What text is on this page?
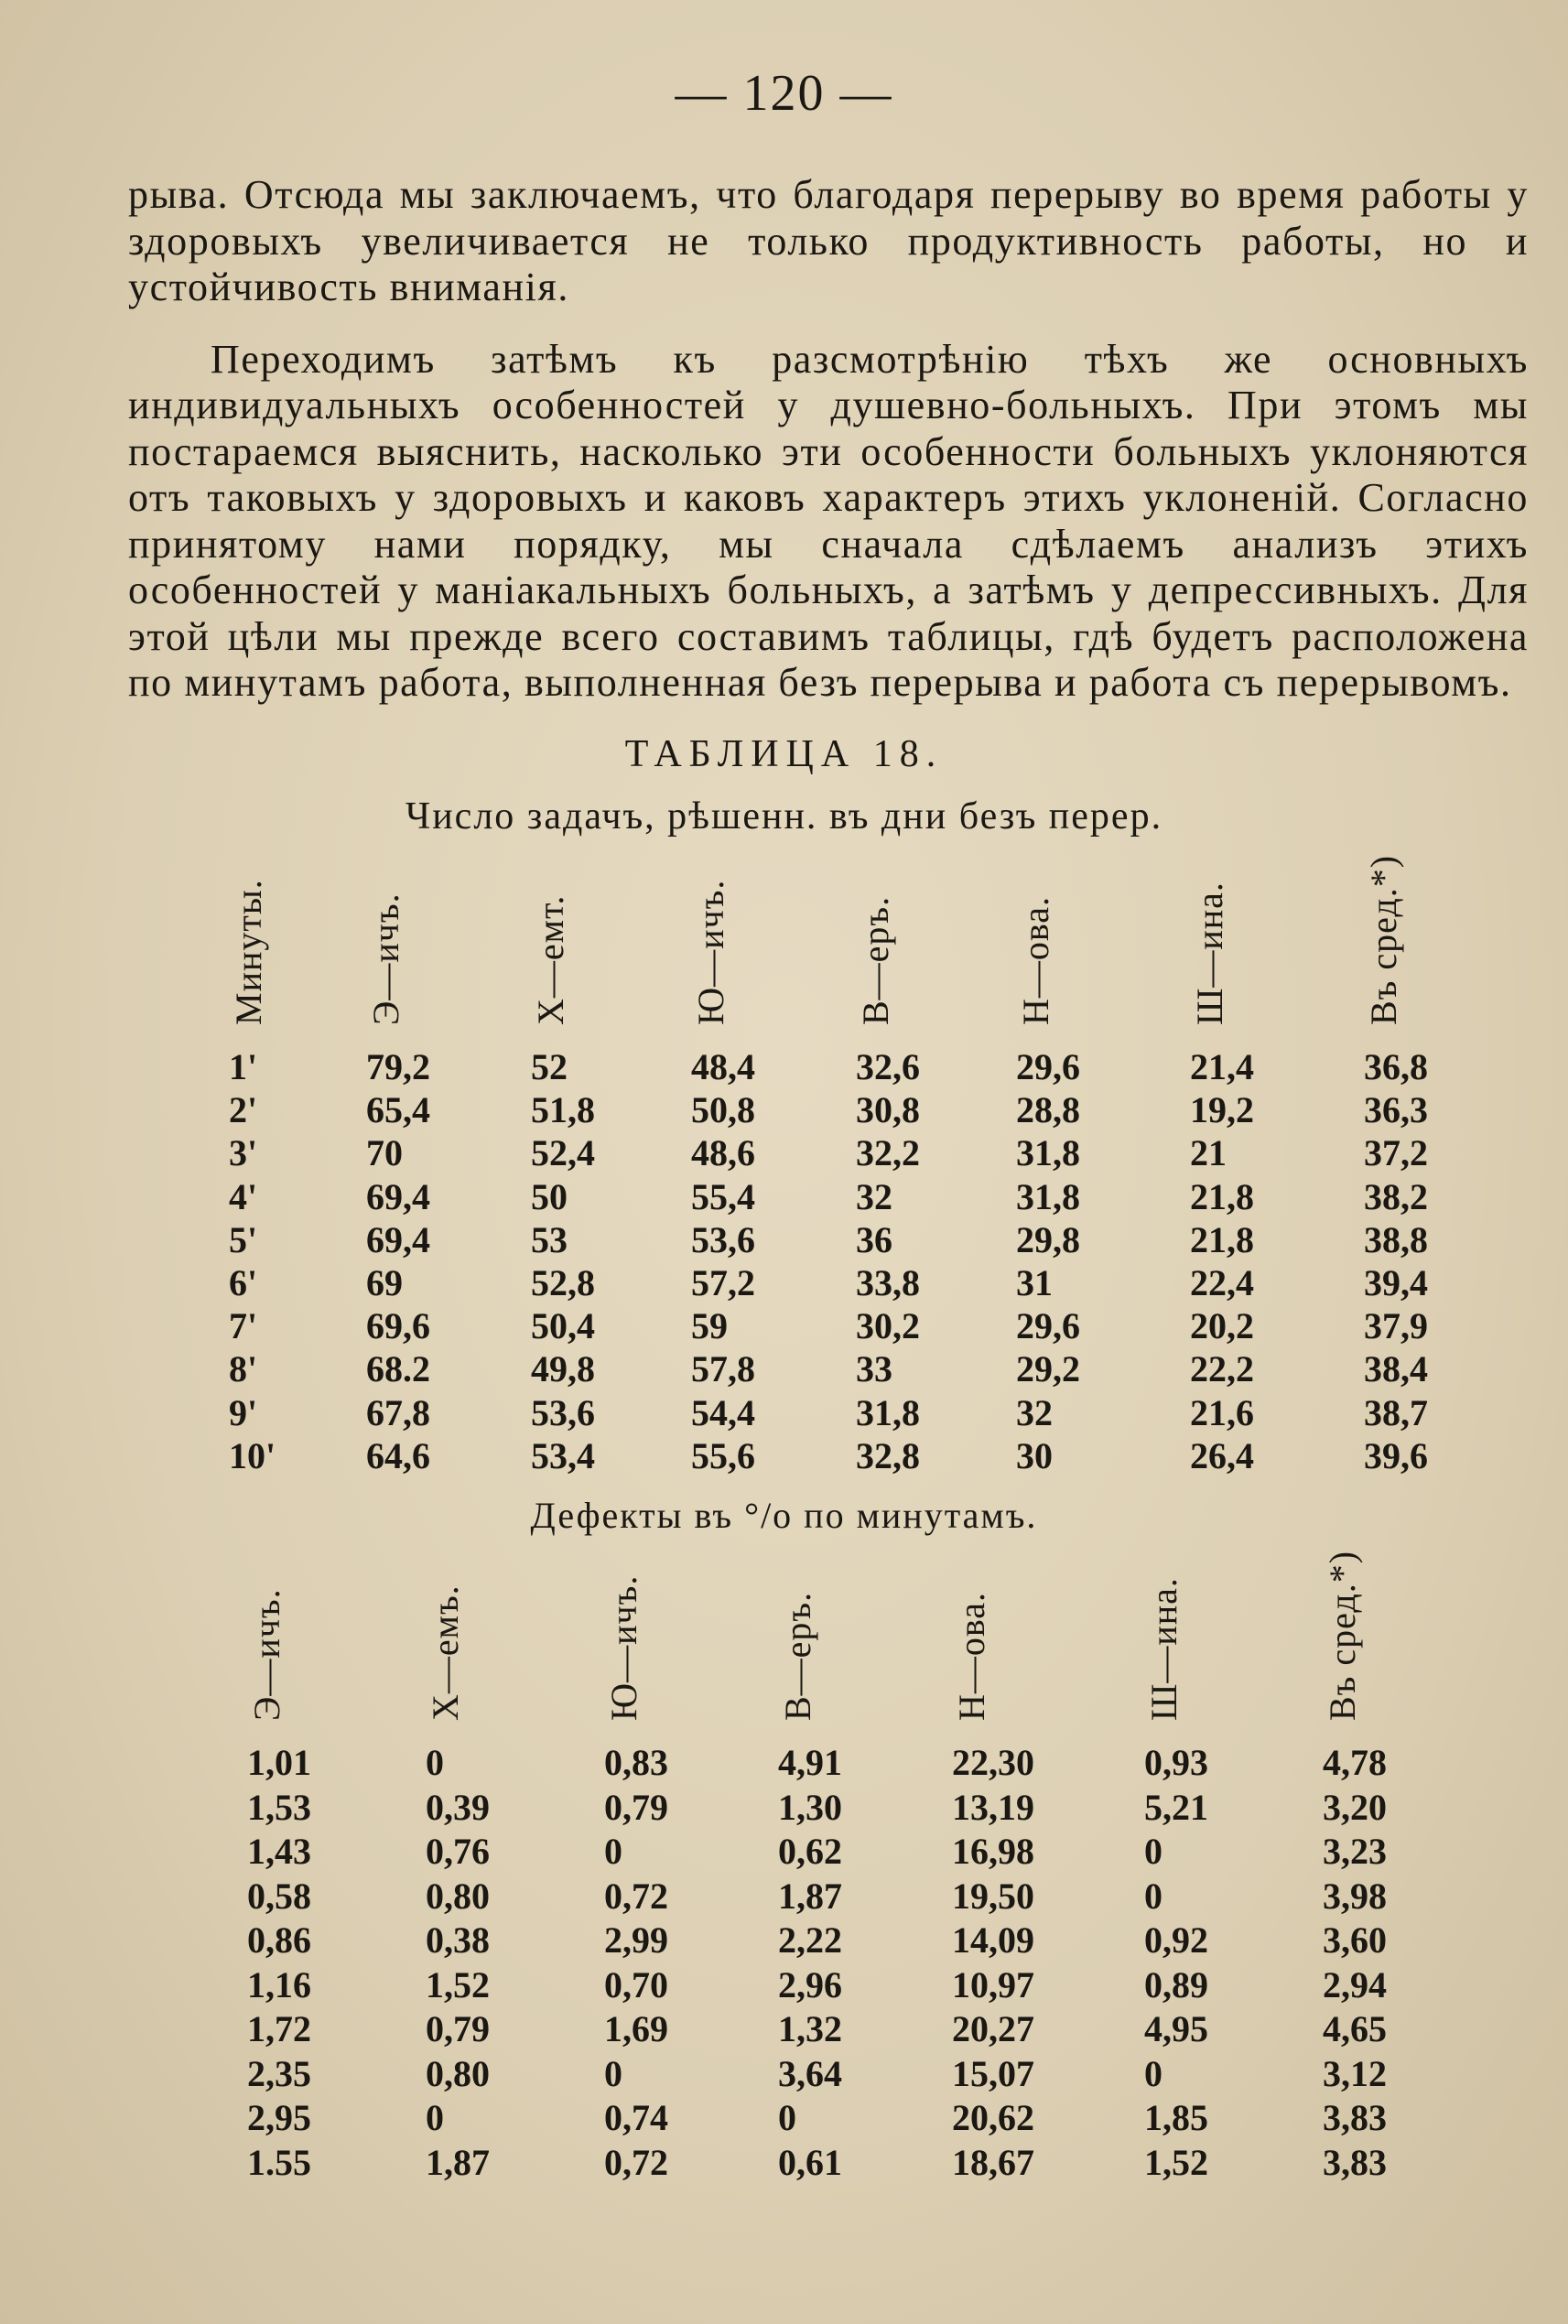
— 120 —

рыва. Отсюда мы заключаемъ, что благодаря перерыву во время работы у здоровыхъ увеличивается не только продуктивность работы, но и устойчивость вниманія.

Переходимъ затѣмъ къ разсмотрѣнію тѣхъ же основныхъ индивидуальныхъ особенностей у душевно-больныхъ. При этомъ мы постараемся выяснить, насколько эти особенности больныхъ уклоняются отъ таковыхъ у здоровыхъ и каковъ характеръ этихъ уклоненій. Согласно принятому нами порядку, мы сначала сдѣлаемъ анализъ этихъ особенностей у маніакальныхъ больныхъ, а затѣмъ у депрессивныхъ. Для этой цѣли мы прежде всего составимъ таблицы, гдѣ будетъ расположена по минутамъ работа, выполненная безъ перерыва и работа съ перерывомъ.

ТАБЛИЦА 18.
Число задачъ, рѣшенн. въ дни безъ перер.
Минуты.	Э—ичъ.	Х—емт.	Ю—ичъ.	В—еръ.	Н—ова.	Ш—ина.	Въ сред.*)
1'	79,2	52	48,4	32,6	29,6	21,4	36,8
2'	65,4	51,8	50,8	30,8	28,8	19,2	36,3
3'	70	52,4	48,6	32,2	31,8	21	37,2
4'	69,4	50	55,4	32	31,8	21,8	38,2
5'	69,4	53	53,6	36	29,8	21,8	38,8
6'	69	52,8	57,2	33,8	31	22,4	39,4
7'	69,6	50,4	59	30,2	29,6	20,2	37,9
8'	68.2	49,8	57,8	33	29,2	22,2	38,4
9'	67,8	53,6	54,4	31,8	32	21,6	38,7
10' 64,6	53,4	55,6	32,8	30	26,4	39,6
Дефекты въ °/o по минутамъ.
Э—ичъ.	Х—емъ.	Ю—ичъ.	В—еръ.	Н—ова.	Ш—ина.	Въ сред.*)
1,01	0	0,83	4,91	22,30	0,93	4,78
1,53	0,39	0,79	1,30	13,19	5,21	3,20
1,43	0,76	0	0,62	16,98	0	3,23
0,58	0,80	0,72	1,87	19,50	0	3,98
0,86	0,38	2,99	2,22	14,09	0,92	3,60
1,16	1,52	0,70	2,96	10,97	0,89	2,94
1,72	0,79	1,69	1,32	20,27	4,95	4,65
2,35	0,80	0	3,64	15,07	0	3,12
2,95	0	0,74	0	20,62	1,85	3,83
1.55	1,87	0,72	0,61	18,67	1,52	3,83
